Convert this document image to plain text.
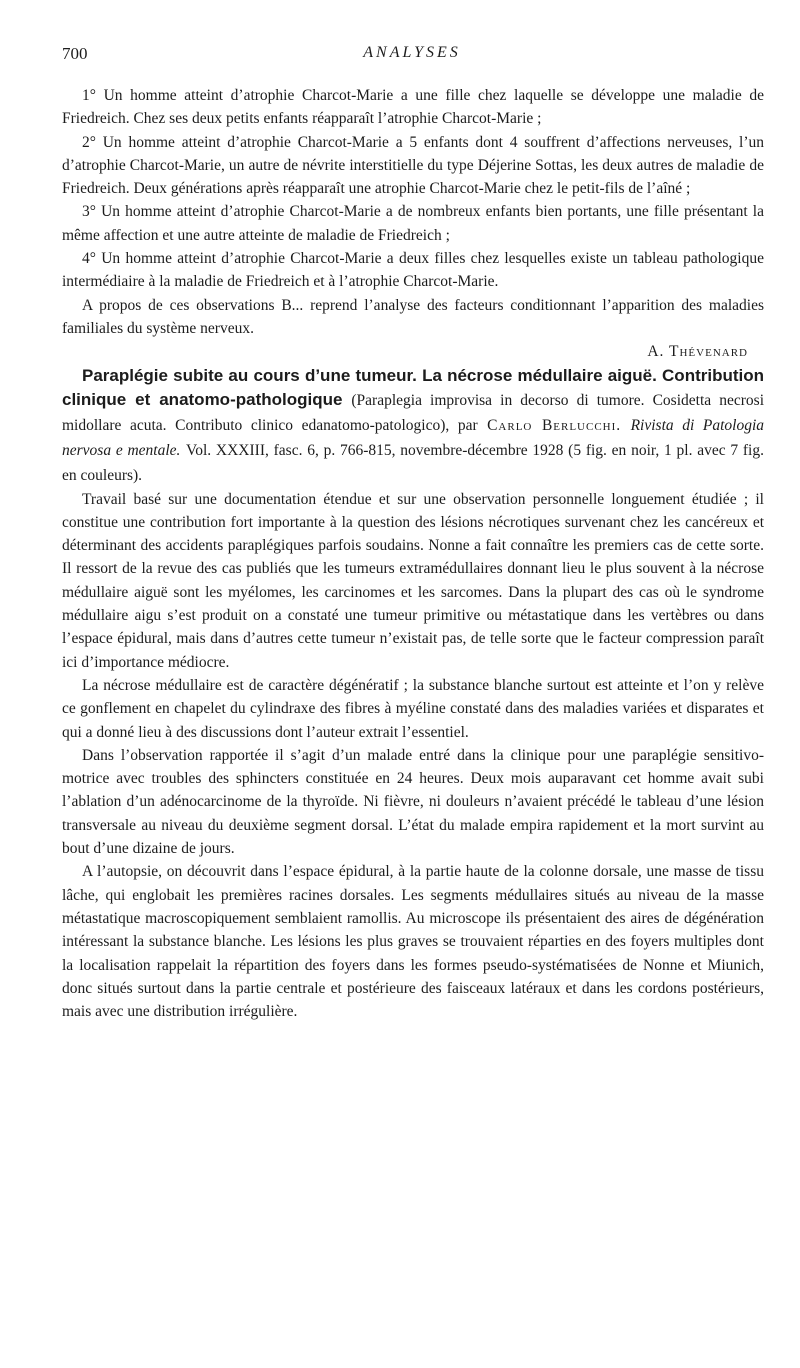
700	ANALYSES

1° Un homme atteint d’atrophie Charcot-Marie a une fille chez laquelle se développe une maladie de Friedreich. Chez ses deux petits enfants réapparaît l’atrophie Charcot-Marie ;

2° Un homme atteint d’atrophie Charcot-Marie a 5 enfants dont 4 souffrent d’affections nerveuses, l’un d’atrophie Charcot-Marie, un autre de névrite interstitielle du type Déjerine Sottas, les deux autres de maladie de Friedreich. Deux générations après réapparaît une atrophie Charcot-Marie chez le petit-fils de l’aîné ;

3° Un homme atteint d’atrophie Charcot-Marie a de nombreux enfants bien portants, une fille présentant la même affection et une autre atteinte de maladie de Friedreich ;

4° Un homme atteint d’atrophie Charcot-Marie a deux filles chez lesquelles existe un tableau pathologique intermédiaire à la maladie de Friedreich et à l’atrophie Charcot-Marie.

A propos de ces observations B... reprend l’analyse des facteurs conditionnant l’apparition des maladies familiales du système nerveux.
A. Thévenard

Paraplégie subite au cours d’une tumeur. La nécrose médullaire aiguë. Contribution clinique et anatomo-pathologique (Paraplegia improvisa in decorso di tumore. Cosidetta necrosi midollare acuta. Contributo clinico edanatomo-patologico), par Carlo Berlucchi. Rivista di Patologia nervosa e mentale. Vol. XXXIII, fasc. 6, p. 766-815, novembre-décembre 1928 (5 fig. en noir, 1 pl. avec 7 fig. en couleurs).

Travail basé sur une documentation étendue et sur une observation personnelle longuement étudiée ; il constitue une contribution fort importante à la question des lésions nécrotiques survenant chez les cancéreux et déterminant des accidents paraplégiques parfois soudains. Nonne a fait connaître les premiers cas de cette sorte. Il ressort de la revue des cas publiés que les tumeurs extramédullaires donnant lieu le plus souvent à la nécrose médullaire aiguë sont les myélomes, les carcinomes et les sarcomes. Dans la plupart des cas où le syndrome médullaire aigu s’est produit on a constaté une tumeur primitive ou métastatique dans les vertèbres ou dans l’espace épidural, mais dans d’autres cette tumeur n’existait pas, de telle sorte que le facteur compression paraît ici d’importance médiocre.

La nécrose médullaire est de caractère dégénératif ; la substance blanche surtout est atteinte et l’on y relève ce gonflement en chapelet du cylindraxe des fibres à myéline constaté dans des maladies variées et disparates et qui a donné lieu à des discussions dont l’auteur extrait l’essentiel.

Dans l’observation rapportée il s’agit d’un malade entré dans la clinique pour une paraplégie sensitivo-motrice avec troubles des sphincters constituée en 24 heures. Deux mois auparavant cet homme avait subi l’ablation d’un adénocarcinome de la thyroïde. Ni fièvre, ni douleurs n’avaient précédé le tableau d’une lésion transversale au niveau du deuxième segment dorsal. L’état du malade empira rapidement et la mort survint au bout d’une dizaine de jours.

A l’autopsie, on découvrit dans l’espace épidural, à la partie haute de la colonne dorsale, une masse de tissu lâche, qui englobait les premières racines dorsales. Les segments médullaires situés au niveau de la masse métastatique macroscopiquement semblaient ramollis. Au microscope ils présentaient des aires de dégénération intéressant la substance blanche. Les lésions les plus graves se trouvaient réparties en des foyers multiples dont la localisation rappelait la répartition des foyers dans les formes pseudo-systématisées de Nonne et Miunich, donc situés surtout dans la partie centrale et postérieure des faisceaux latéraux et dans les cordons postérieurs, mais avec une distribution irrégulière.
